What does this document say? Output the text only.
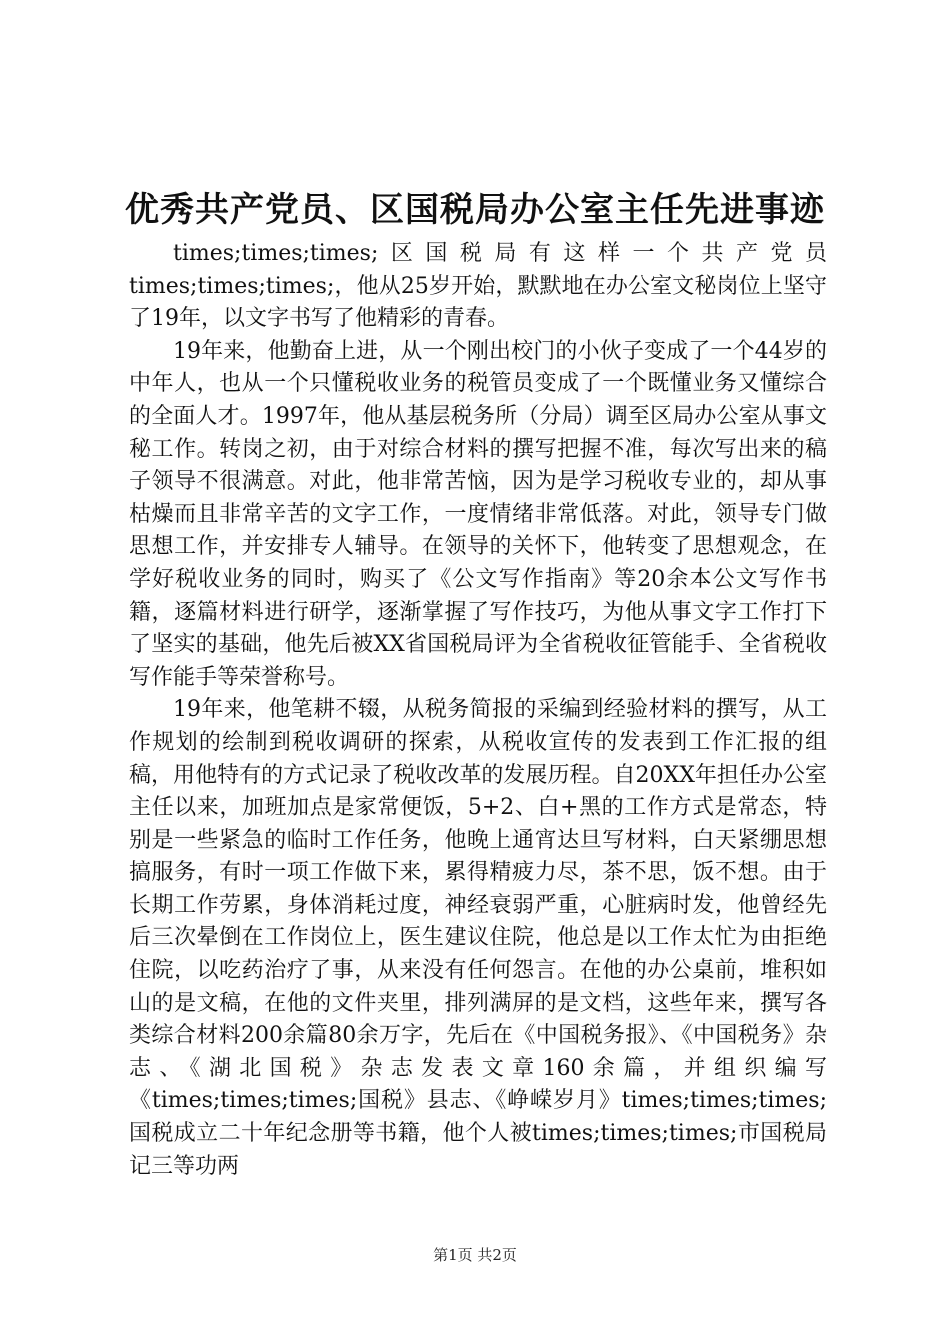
优秀共产党员、区国税局办公室主任先进事迹

times;times;times;区国税局有这样一个共产党员times;times;times;，他从25岁开始，默默地在办公室文秘岗位上坚守了19年，以文字书写了他精彩的青春。

19年来，他勤奋上进，从一个刚出校门的小伙子变成了一个44岁的中年人，也从一个只懂税收业务的税管员变成了一个既懂业务又懂综合的全面人才。1997年，他从基层税务所（分局）调至区局办公室从事文秘工作。转岗之初，由于对综合材料的撰写把握不准，每次写出来的稿子领导不很满意。对此，他非常苦恼，因为是学习税收专业的，却从事枯燥而且非常辛苦的文字工作，一度情绪非常低落。对此，领导专门做思想工作，并安排专人辅导。在领导的关怀下，他转变了思想观念，在学好税收业务的同时，购买了《公文写作指南》等20余本公文写作书籍，逐篇材料进行研学，逐渐掌握了写作技巧，为他从事文字工作打下了坚实的基础，他先后被XX省国税局评为全省税收征管能手、全省税收写作能手等荣誉称号。

19年来，他笔耕不辍，从税务简报的采编到经验材料的撰写，从工作规划的绘制到税收调研的探索，从税收宣传的发表到工作汇报的组稿，用他特有的方式记录了税收改革的发展历程。自20XX年担任办公室主任以来，加班加点是家常便饭，5+2、白+黑的工作方式是常态，特别是一些紧急的临时工作任务，他晚上通宵达旦写材料，白天紧绷思想搞服务，有时一项工作做下来，累得精疲力尽，茶不思，饭不想。由于长期工作劳累，身体消耗过度，神经衰弱严重，心脏病时发，他曾经先后三次晕倒在工作岗位上，医生建议住院，他总是以工作太忙为由拒绝住院，以吃药治疗了事，从来没有任何怨言。在他的办公桌前，堆积如山的是文稿，在他的文件夹里，排列满屏的是文档，这些年来，撰写各类综合材料200余篇80余万字，先后在《中国税务报》、《中国税务》杂志、《湖北国税》杂志发表文章160余篇，并组织编写《times;times;times;国税》县志、《峥嵘岁月》times;times;times;国税成立二十年纪念册等书籍，他个人被times;times;times;市国税局记三等功两

第1页 共2页
